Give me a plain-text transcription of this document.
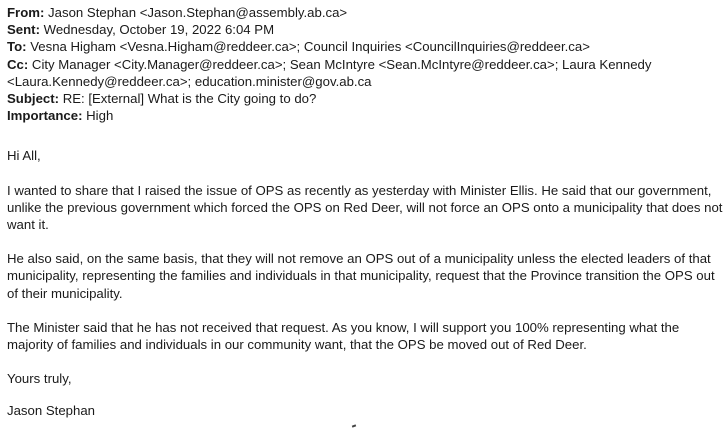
From: Jason Stephan <Jason.Stephan@assembly.ab.ca>

Sent: Wednesday, October 19, 2022 6:04 PM

To: Vesna Higham <Vesna.Higham@reddeer.ca>; Council Inquiries <CouncilInquiries@reddeer.ca>

Cc: City Manager <City.Manager@reddeer.ca>; Sean McIntyre <Sean.McIntyre@reddeer.ca>; Laura Kennedy <Laura.Kennedy@reddeer.ca>; education.minister@gov.ab.ca

Subject: RE: [External] What is the City going to do?

Importance: High

Hi All,

I wanted to share that I raised the issue of OPS as recently as yesterday with Minister Ellis. He said that our government, unlike the previous government which forced the OPS on Red Deer, will not force an OPS onto a municipality that does not want it.

He also said, on the same basis, that they will not remove an OPS out of a municipality unless the elected leaders of that municipality, representing the families and individuals in that municipality, request that the Province transition the OPS out of their municipality.

The Minister said that he has not received that request. As you know, I will support you 100% representing what the majority of families and individuals in our community want, that the OPS be moved out of Red Deer.

Yours truly,

Jason Stephan
